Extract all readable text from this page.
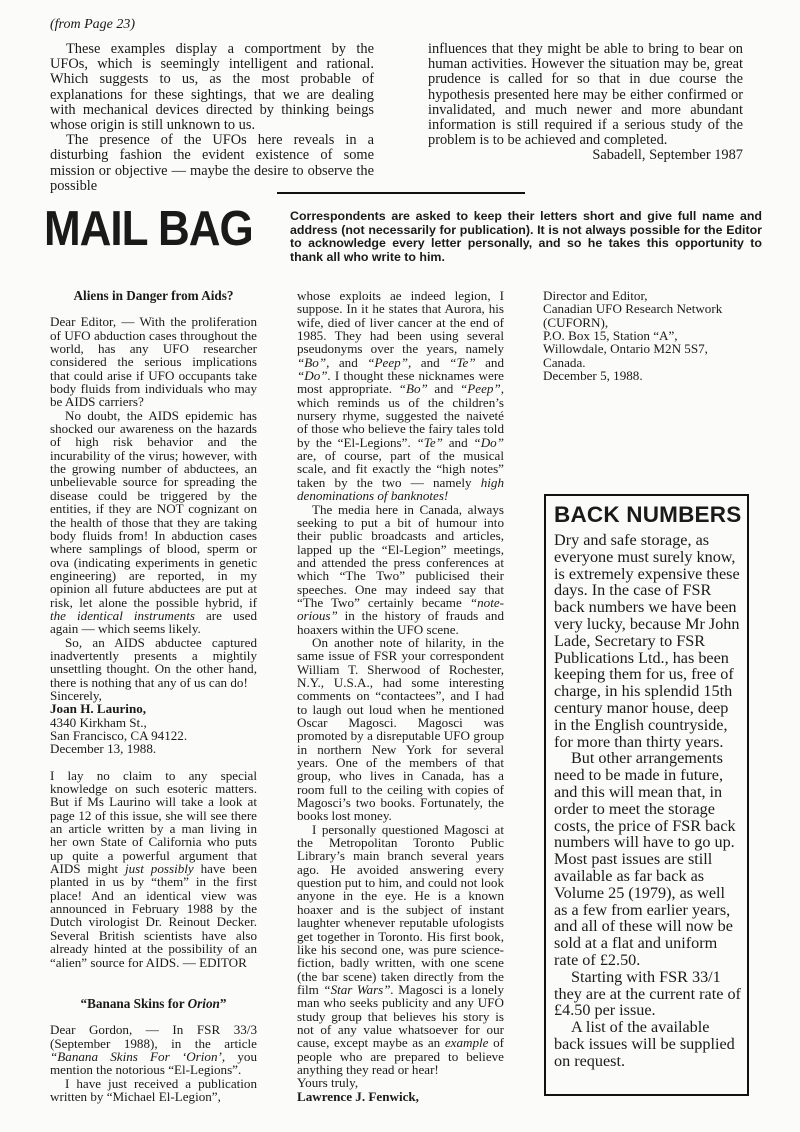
(from Page 23)

These examples display a comportment by the UFOs, which is seemingly intelligent and rational. Which suggests to us, as the most probable of explanations for these sightings, that we are dealing with mechanical devices directed by thinking beings whose origin is still unknown to us.

The presence of the UFOs here reveals in a disturbing fashion the evident existence of some mission or objective — maybe the desire to observe the possible

influences that they might be able to bring to bear on human activities. However the situation may be, great prudence is called for so that in due course the hypothesis presented here may be either confirmed or invalidated, and much newer and more abundant information is still required if a serious study of the problem is to be achieved and completed.

Sabadell, September 1987

MAIL BAG	Correspondents are asked to keep their letters short and give full name and address (not necessarily for publication). It is not always possible for the Editor to acknowledge every letter personally, and so he takes this opportunity to thank all who write to him.
Aliens in Danger from Aids?

Dear Editor, — With the proliferation of UFO abduction cases throughout the world, has any UFO researcher considered the serious implications that could arise if UFO occupants take body fluids from individuals who may be AIDS carriers?

No doubt, the AIDS epidemic has shocked our awareness on the hazards of high risk behavior and the incurability of the virus; however, with the growing number of abductees, an unbelievable source for spreading the disease could be triggered by the entities, if they are NOT cognizant on the health of those that they are taking body fluids from! In abduction cases where samplings of blood, sperm or ova (indicating experiments in genetic engineering) are reported, in my opinion all future abductees are put at risk, let alone the possible hybrid, if the identical instruments are used again — which seems likely.

So, an AIDS abductee captured inadvertently presents a mightily unsettling thought. On the other hand, there is nothing that any of us can do!

Sincerely,

Joan H. Laurino,

4340 Kirkham St.,

San Francisco, CA 94122.

December 13, 1988.

I lay no claim to any special knowledge on such esoteric matters. But if Ms Laurino will take a look at page 12 of this issue, she will see there an article written by a man living in her own State of California who puts up quite a powerful argument that AIDS might just possibly have been planted in us by “them” in the first place! And an identical view was announced in February 1988 by the Dutch virologist Dr. Reinout Decker. Several British scientists have also already hinted at the possibility of an “alien” source for AIDS. — EDITOR

“Banana Skins for Orion”

Dear Gordon, — In FSR 33/3 (September 1988), in the article “Banana Skins For ‘Orion’, you mention the notorious “El-Legions”.

I have just received a publication written by “Michael El-Legion”,

whose exploits ae indeed legion, I suppose. In it he states that Aurora, his wife, died of liver cancer at the end of 1985. They had been using several pseudonyms over the years, namely “Bo”, and “Peep”, and “Te” and “Do”. I thought these nicknames were most appropriate. “Bo” and “Peep”, which reminds us of the children’s nursery rhyme, suggested the naiveté of those who believe the fairy tales told by the “El-Legions”. “Te” and “Do” are, of course, part of the musical scale, and fit exactly the “high notes” taken by the two — namely high denominations of banknotes!

The media here in Canada, always seeking to put a bit of humour into their public broadcasts and articles, lapped up the “El-Legion” meetings, and attended the press conferences at which “The Two” publicised their speeches. One may indeed say that “The Two” certainly became “note-orious” in the history of frauds and hoaxers within the UFO scene.

On another note of hilarity, in the same issue of FSR your correspondent William T. Sherwood of Rochester, N.Y., U.S.A., had some interesting comments on “contactees”, and I had to laugh out loud when he mentioned Oscar Magosci. Magosci was promoted by a disreputable UFO group in northern New York for several years. One of the members of that group, who lives in Canada, has a room full to the ceiling with copies of Magosci’s two books. Fortunately, the books lost money.

I personally questioned Magosci at the Metropolitan Toronto Public Library’s main branch several years ago. He avoided answering every question put to him, and could not look anyone in the eye. He is a known hoaxer and is the subject of instant laughter whenever reputable ufologists get together in Toronto. His first book, like his second one, was pure science-fiction, badly written, with one scene (the bar scene) taken directly from the film “Star Wars”. Magosci is a lonely man who seeks publicity and any UFO study group that believes his story is not of any value whatsoever for our cause, except maybe as an example of people who are prepared to believe anything they read or hear!

Yours truly,

Lawrence J. Fenwick,

Director and Editor,

Canadian UFO Research Network

(CUFORN),

P.O. Box 15, Station “A”,

Willowdale, Ontario M2N 5S7,

Canada.

December 5, 1988.

BACK NUMBERS

Dry and safe storage, as everyone must surely know, is extremely expensive these days. In the case of FSR back numbers we have been very lucky, because Mr John Lade, Secretary to FSR Publications Ltd., has been keeping them for us, free of charge, in his splendid 15th century manor house, deep in the English countryside, for more than thirty years.

But other arrangements need to be made in future, and this will mean that, in order to meet the storage costs, the price of FSR back numbers will have to go up. Most past issues are still available as far back as Volume 25 (1979), as well as a few from earlier years, and all of these will now be sold at a flat and uniform rate of £2.50.

Starting with FSR 33/1 they are at the current rate of £4.50 per issue.

A list of the available back issues will be supplied on request.
